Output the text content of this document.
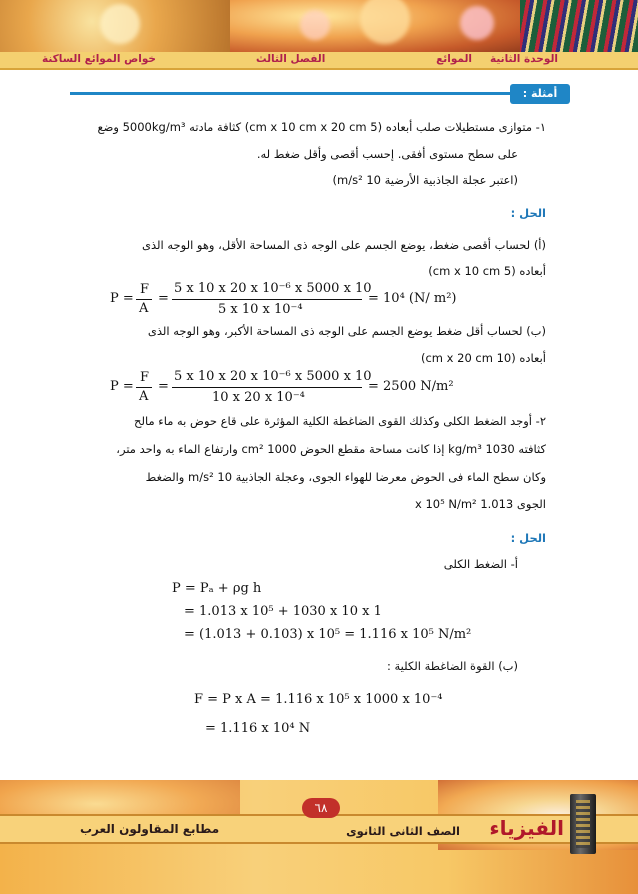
الوحدة الثانية
الموائع
الفصل الثالث
خواص الموائع الساكنة
أمثلة :
١- متوازى مستطيلات صلب أبعاده (5 cm x 10 cm x 20 cm) كثافة مادته 5000kg/m³ وضع
على سطح مستوى أفقى. إحسب أقصى وأقل ضغط له.
(اعتبر عجلة الجاذبية الأرضية 10 m/s²)
الحل :
(أ) لحساب أقصى ضغط، يوضع الجسم على الوجه ذى المساحة الأقل، وهو الوجه الذى
أبعاده (5 cm x 10 cm)
P =
F
A
=
5 x 10 x 20 x 10⁻⁶ x 5000 x 10
5 x 10 x 10⁻⁴
= 10⁴ (N/ m²)
(ب) لحساب أقل ضغط يوضع الجسم على الوجه ذى المساحة الأكبر، وهو الوجه الذى
أبعاده (10 cm x 20 cm)
P =
F
A
=
5 x 10 x 20 x 10⁻⁶ x 5000 x 10
10 x 20 x 10⁻⁴
= 2500 N/m²
٢- أوجد الضغط الكلى وكذلك القوى الضاغطة الكلية المؤثرة على قاع حوض به ماء مالح
كثافته 1030 kg/m³ إذا كانت مساحة مقطع الحوض 1000 cm² وارتفاع الماء به واحد متر،
وكان سطح الماء فى الحوض معرضا للهواء الجوى، وعجلة الجاذبية 10 m/s² والضغط
الجوى 1.013 x 10⁵ N/m²
الحل :
أ- الضغط الكلى
P = Pₐ + ρg h
= 1.013 x 10⁵ + 1030 x 10 x 1
= (1.013 + 0.103) x 10⁵ = 1.116 x 10⁵ N/m²
(ب) القوة الضاغطة الكلية :
F = P x A = 1.116 x 10⁵ x 1000 x 10⁻⁴
= 1.116 x 10⁴ N
٦٨
مطابع المقاولون العرب	الصف الثانى الثانوى الفيزياء
